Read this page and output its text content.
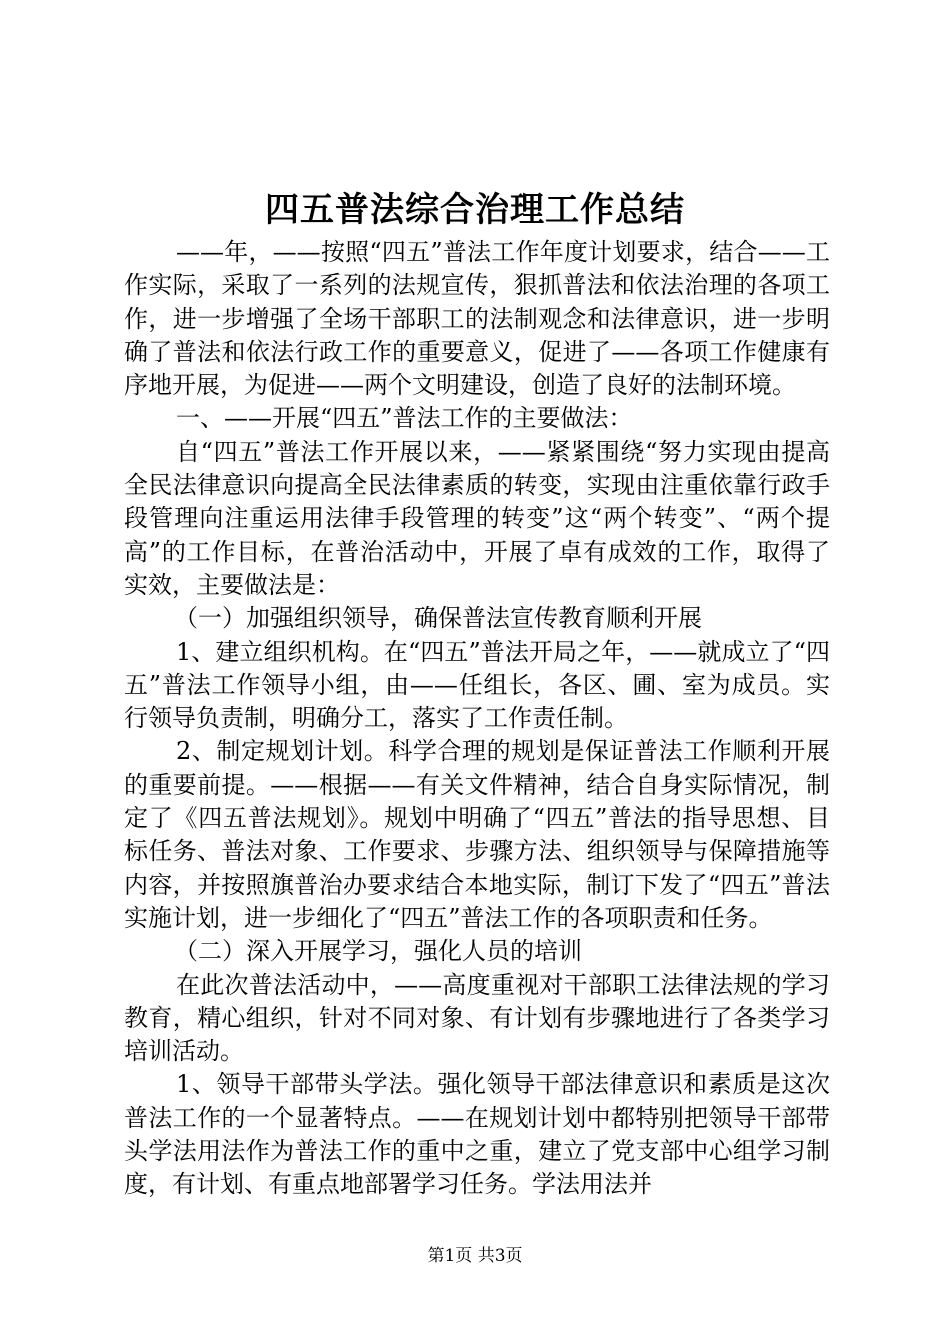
四五普法综合治理工作总结

——年，——按照“四五”普法工作年度计划要求，结合——工作实际，采取了一系列的法规宣传，狠抓普法和依法治理的各项工作，进一步增强了全场干部职工的法制观念和法律意识，进一步明确了普法和依法行政工作的重要意义，促进了——各项工作健康有序地开展，为促进——两个文明建设，创造了良好的法制环境。

一、——开展“四五”普法工作的主要做法：

自“四五”普法工作开展以来，——紧紧围绕“努力实现由提高全民法律意识向提高全民法律素质的转变，实现由注重依靠行政手段管理向注重运用法律手段管理的转变”这“两个转变”、“两个提高”的工作目标，在普治活动中，开展了卓有成效的工作，取得了实效，主要做法是：

（一）加强组织领导，确保普法宣传教育顺利开展

1、建立组织机构。在“四五”普法开局之年，——就成立了“四五”普法工作领导小组，由——任组长，各区、圃、室为成员。实行领导负责制，明确分工，落实了工作责任制。

2、制定规划计划。科学合理的规划是保证普法工作顺利开展的重要前提。——根据——有关文件精神，结合自身实际情况，制定了《四五普法规划》。规划中明确了“四五”普法的指导思想、目标任务、普法对象、工作要求、步骤方法、组织领导与保障措施等内容，并按照旗普治办要求结合本地实际，制订下发了“四五”普法实施计划，进一步细化了“四五”普法工作的各项职责和任务。

（二）深入开展学习，强化人员的培训

在此次普法活动中，——高度重视对干部职工法律法规的学习教育，精心组织，针对不同对象、有计划有步骤地进行了各类学习培训活动。

1、领导干部带头学法。强化领导干部法律意识和素质是这次普法工作的一个显著特点。——在规划计划中都特别把领导干部带头学法用法作为普法工作的重中之重，建立了党支部中心组学习制度，有计划、有重点地部署学习任务。学法用法并

第1页 共3页
